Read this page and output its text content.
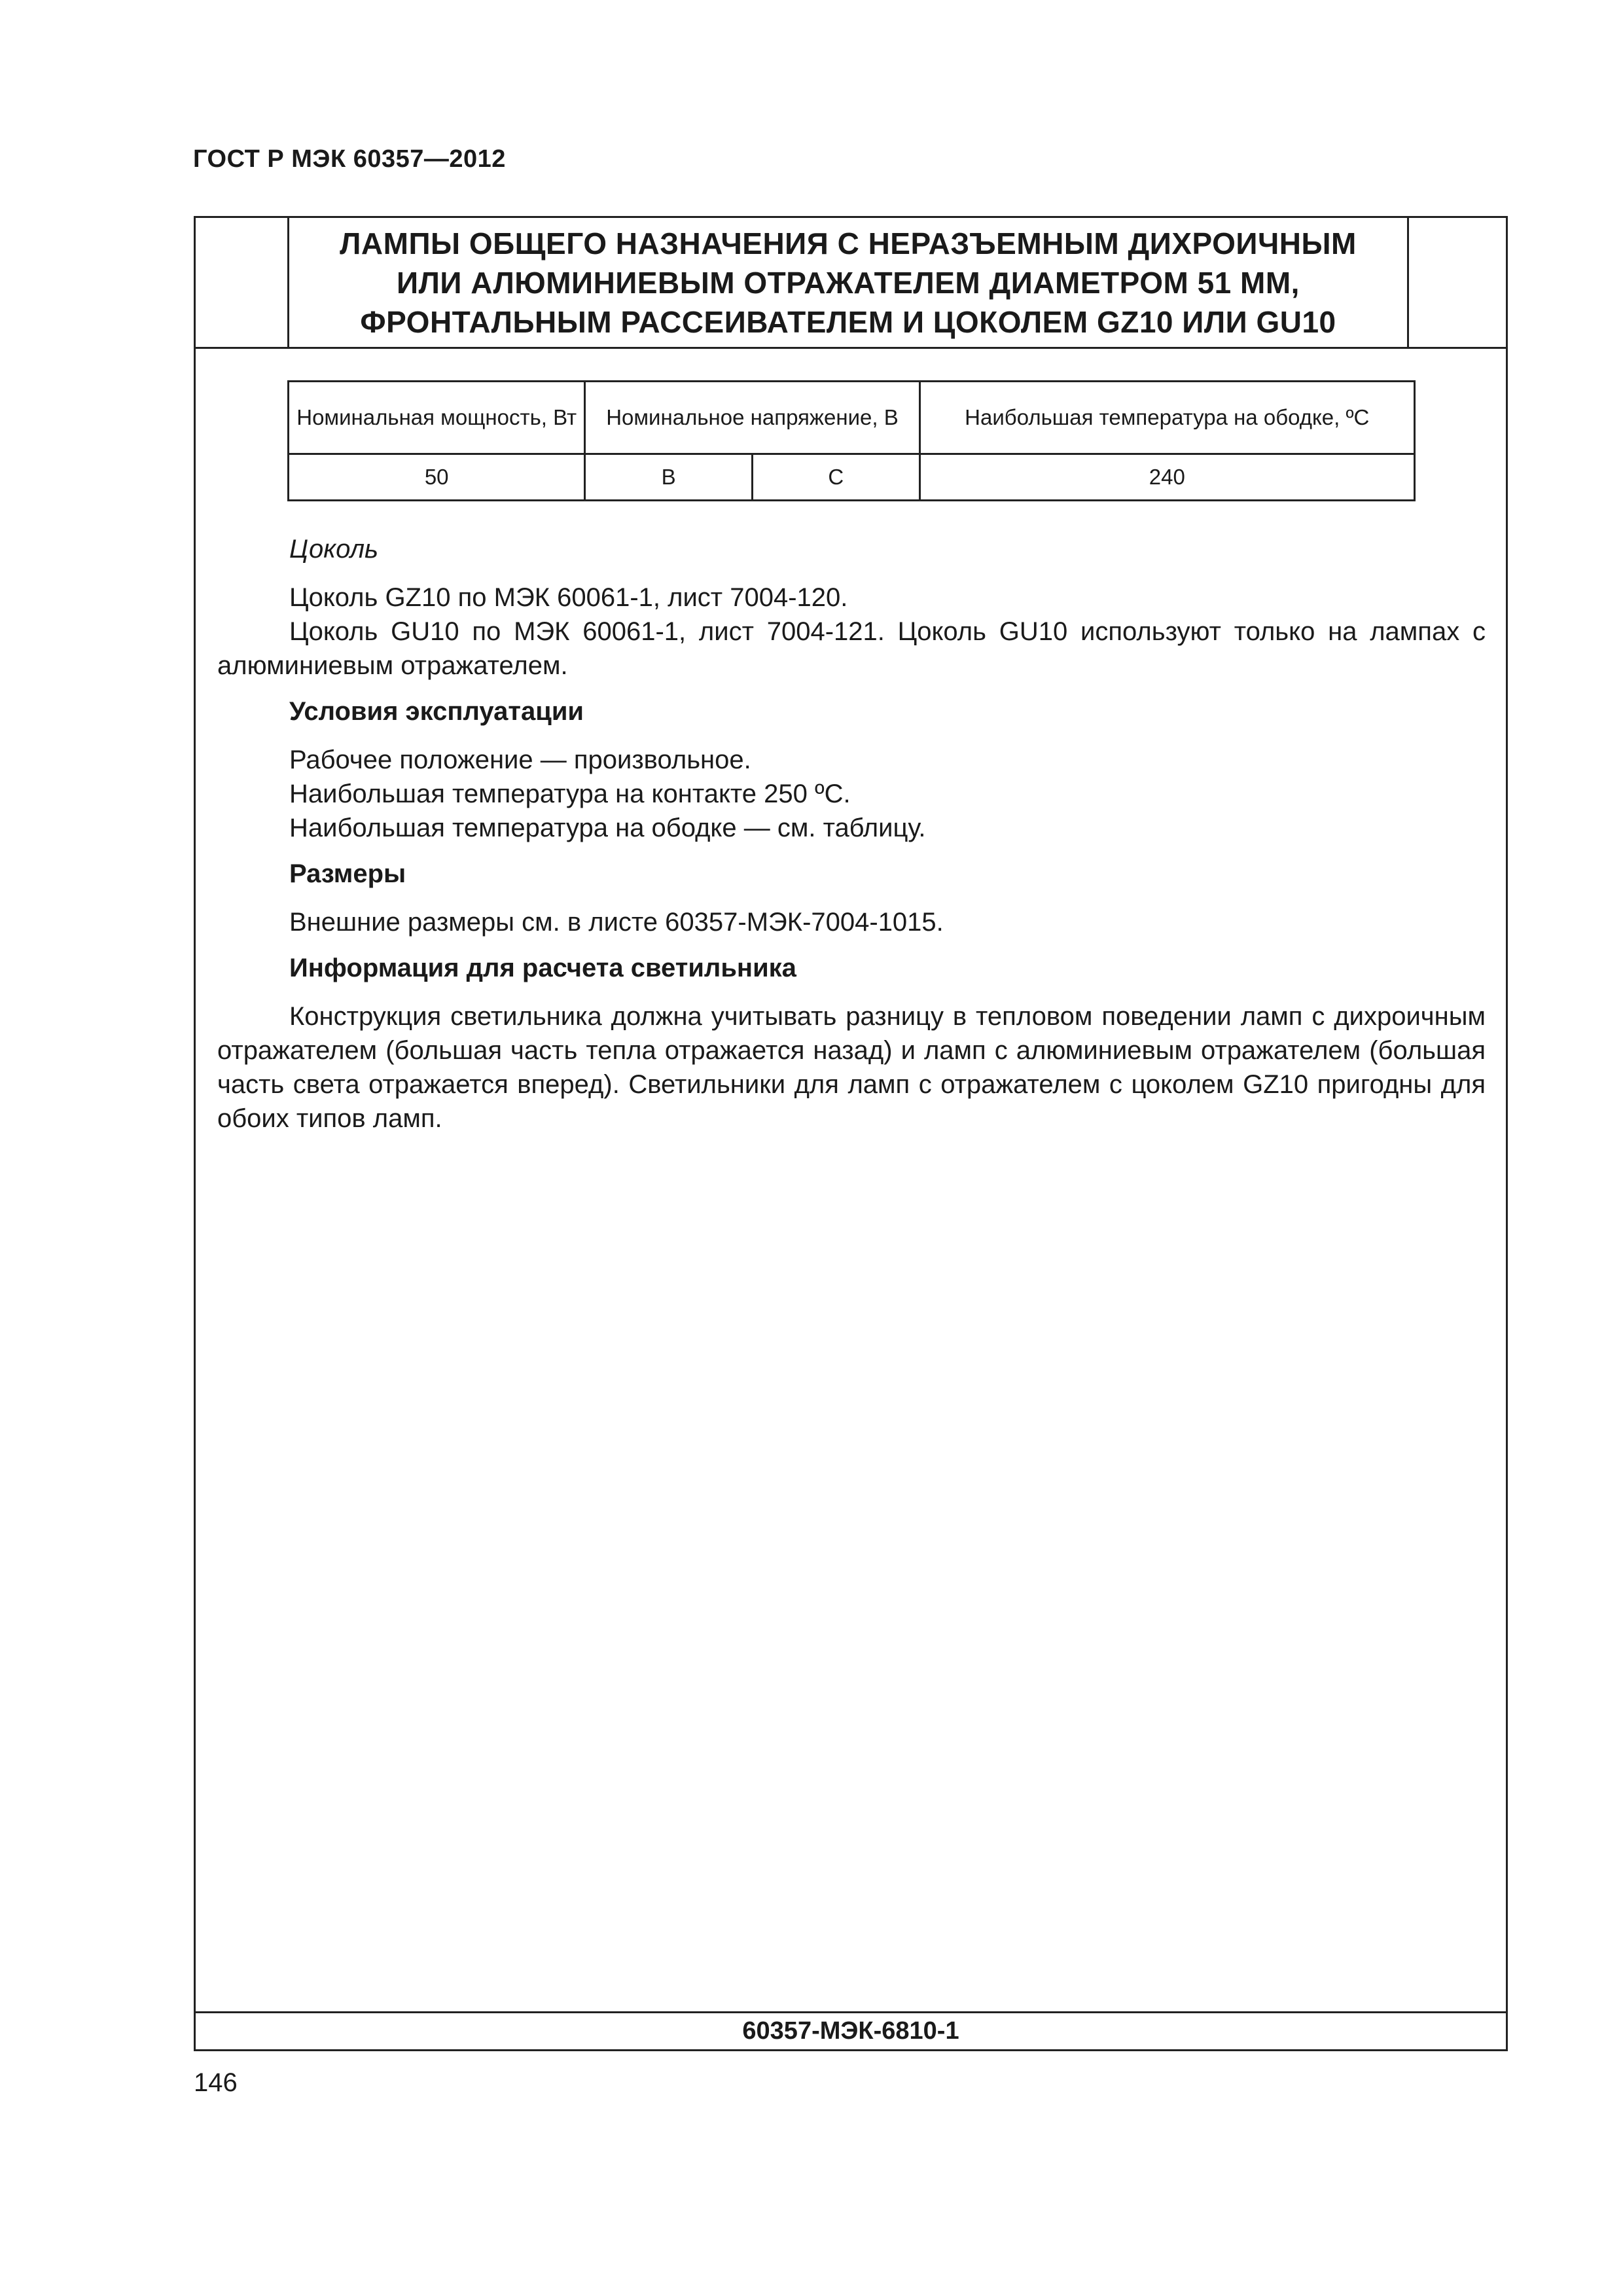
ГОСТ Р МЭК 60357—2012
ЛАМПЫ ОБЩЕГО НАЗНАЧЕНИЯ С НЕРАЗЪЕМНЫМ ДИХРОИЧНЫМ
ИЛИ АЛЮМИНИЕВЫМ ОТРАЖАТЕЛЕМ ДИАМЕТРОМ 51 ММ,
ФРОНТАЛЬНЫМ РАССЕИВАТЕЛЕМ И ЦОКОЛЕМ GZ10 ИЛИ GU10
Номинальная мощность, Вт	Номинальное напряжение, В		Наибольшая температура на ободке, ºC
50	B	C	240

Цоколь

Цоколь GZ10 по МЭК 60061-1, лист 7004-120.

Цоколь GU10 по МЭК 60061-1, лист 7004-121. Цоколь GU10 используют только на лампах с алюминиевым отражателем.

Условия эксплуатации

Рабочее положение — произвольное.

Наибольшая температура на контакте 250 ºC.

Наибольшая температура на ободке — см. таблицу.

Размеры

Внешние размеры см. в листе 60357-МЭК-7004-1015.

Информация для расчета светильника

Конструкция светильника должна учитывать разницу в тепловом поведении ламп с дихроичным отражателем (большая часть тепла отражается назад) и ламп с алюминиевым отражателем (большая часть света отражается вперед). Светильники для ламп с отражателем с цоколем GZ10 пригодны для обоих типов ламп.

60357-МЭК-6810-1
146
